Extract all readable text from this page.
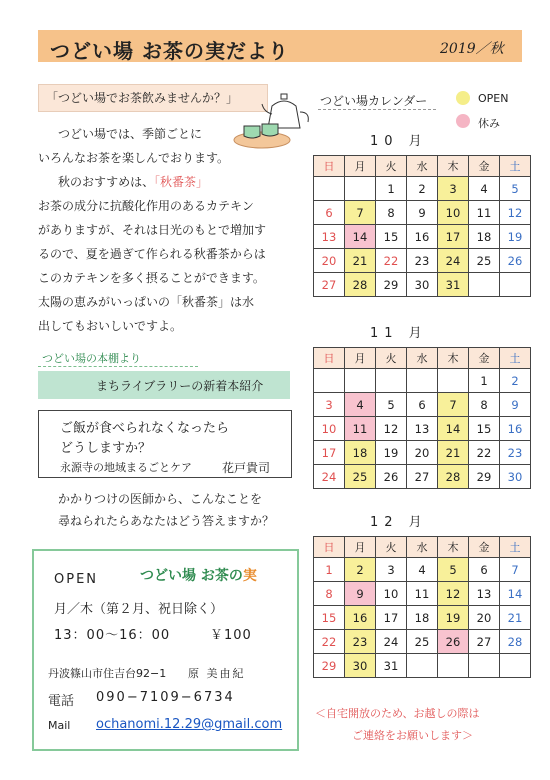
つどい場 お茶の実だより	2019／秋
「つどい場でお茶飲みませんか？」
つどい場では、季節ごとに
いろんなお茶を楽しんでおります。
秋のおすすめは、
「秋番茶」
お茶の成分に抗酸化作用のあるカテキン
がありますが、それは日光のもとで増加す
るので、夏を過ぎて作られる秋番茶からは
このカテキンを多く摂ることができます。
太陽の恵みがいっぱいの「秋番茶」は水
出してもおいしいですよ。
つどい場の本棚より
まちライブラリーの新着本紹介
ご飯が食べられなくなったら
どうしますか？
永源寺の地域まるごとケア	花戸貴司
かかりつけの医師から、こんなことを
尋ねられたらあなたはどう答えますか？
OPEN	つどい場 お茶の実
月／木（第２月、祝日除く）
13：00～16：00	￥100
丹波篠山市住吉台92−1 原 美由紀
電話 090−7109−6734
Mail ochanomi.12.29@gmail.com
つどい場カレンダー	OPEN
休み
10 月
日	月	火	水	木	金	土
		1	2	3	4	5
6	7	8	9	10	11	12
13	14	15	16	17	18	19
20	21	22	23	24	25	26
27	28	29	30	31		
11 月
日	月	火	水	木	金	土
					1	2
3	4	5	6	7	8	9
10	11	12	13	14	15	16
17	18	19	20	21	22	23
24	25	26	27	28	29	30
12 月
日	月	火	水	木	金	土
1	2	3	4	5	6	7
8	9	10	11	12	13	14
15	16	17	18	19	20	21
22	23	24	25	26	27	28
29	30	31				
＜自宅開放のため、お越しの際は
ご連絡をお願いします＞
